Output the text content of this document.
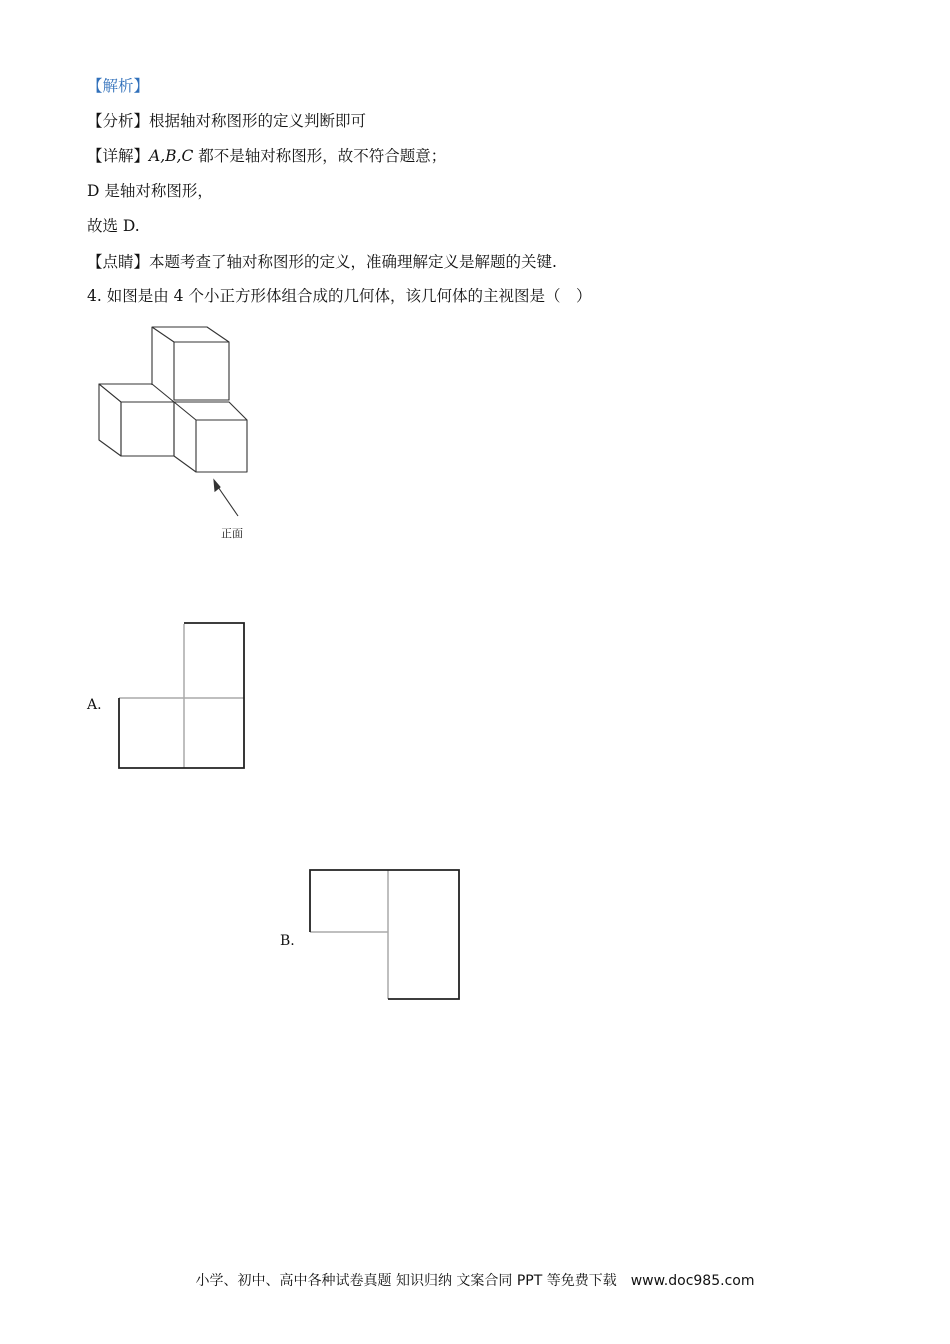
【解析】
【分析】根据轴对称图形的定义判断即可
【详解】A,B,C 都不是轴对称图形，故不符合题意；
D 是轴对称图形，
故选 D.
【点睛】本题考查了轴对称图形的定义，准确理解定义是解题的关键.
4. 如图是由 4 个小正方形体组合成的几何体，该几何体的主视图是（　）
正面
A.
B.
小学、初中、高中各种试卷真题 知识归纳 文案合同 PPT 等免费下载　www.doc985.com
